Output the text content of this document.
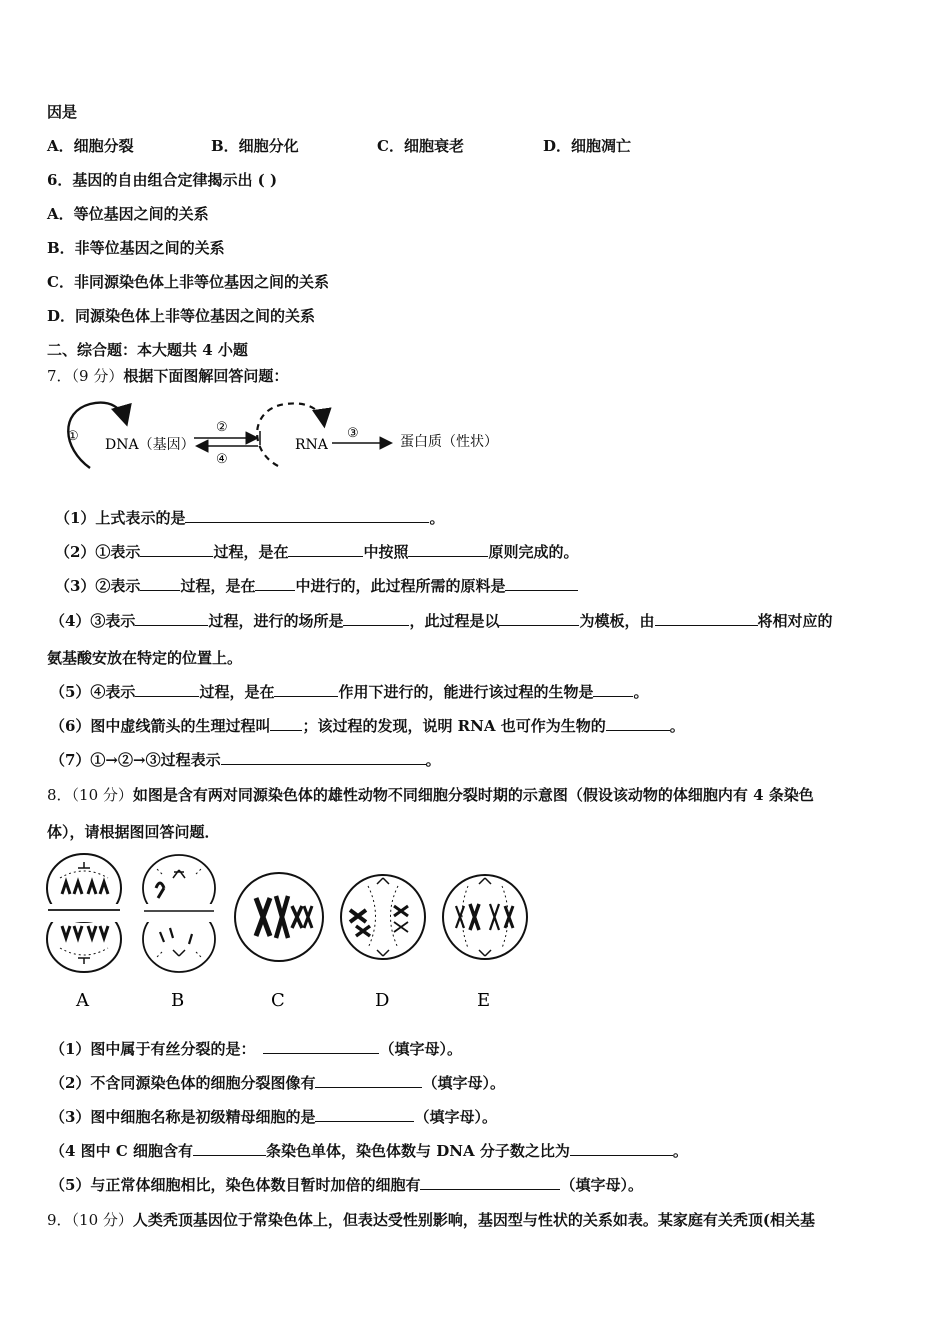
因是
A．细胞分裂	B．细胞分化	C．细胞衰老	D．细胞凋亡
6．基因的自由组合定律揭示出 ( )
A．等位基因之间的关系
B．非等位基因之间的关系
C．非同源染色体上非等位基因之间的关系
D．同源染色体上非等位基因之间的关系
二、综合题：本大题共 4 小题
7．（9 分）根据下面图解回答问题：
①
DNA（基因）
②
④
RNA
③
蛋白质（性状）
（1）上式表示的是	。
（2）①表示	过程，是在	中按照	原则完成的。
（3）②表示	过程，是在	中进行的，此过程所需的原料是
（4）③表示	过程，进行的场所是	，此过程是以	为模板，由	将相对应的
氨基酸安放在特定的位置上。
（5）④表示	过程，是在	作用下进行的，能进行该过程的生物是	。
（6）图中虚线箭头的生理过程叫 ；该过程的发现，说明 RNA 也可作为生物的	。
（7）①→②→③过程表示	。
8．（10 分）如图是含有两对同源染色体的雄性动物不同细胞分裂时期的示意图（假设该动物的体细胞内有 4 条染色
体），请根据图回答问题．
A	B	C	D	E
（1）图中属于有丝分裂的是：	（填字母）。
（2）不含同源染色体的细胞分裂图像有	（填字母）。
（3）图中细胞名称是初级精母细胞的是	（填字母）。
（4 图中 C 细胞含有	条染色单体，染色体数与 DNA 分子数之比为	。
（5）与正常体细胞相比，染色体数目暂时加倍的细胞有	（填字母）。
9．（10 分）人类秃顶基因位于常染色体上，但表达受性别影响，基因型与性状的关系如表。某家庭有关秃顶(相关基
